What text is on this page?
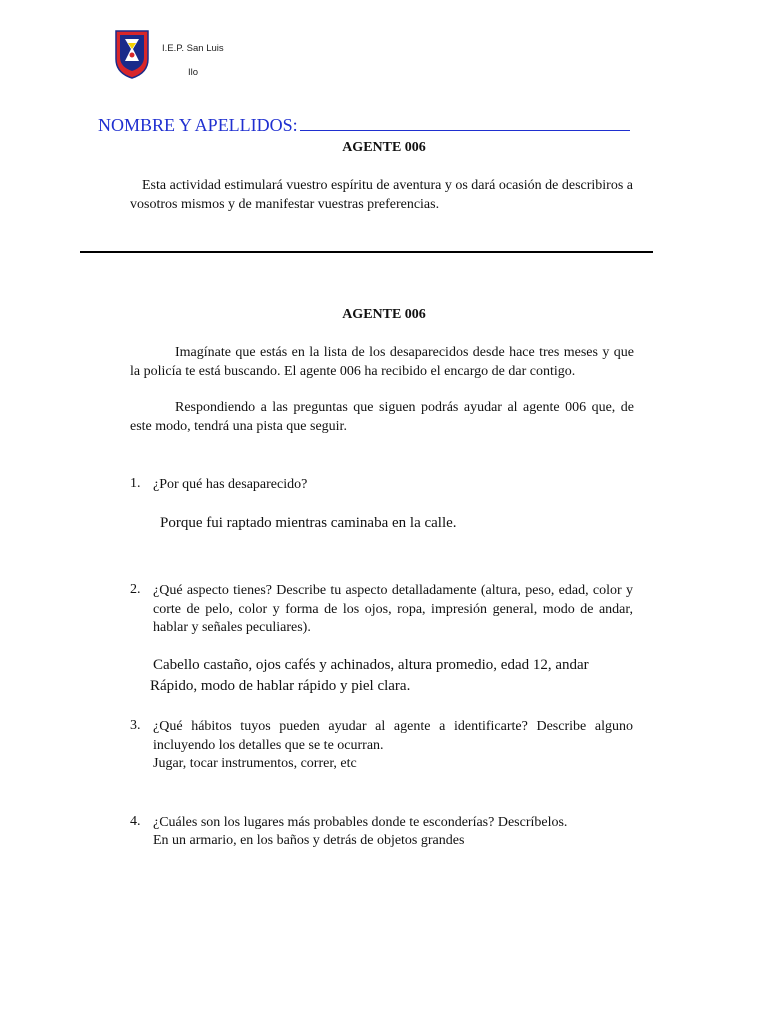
I.E.P. San Luis
Ilo
NOMBRE Y APELLIDOS:
AGENTE 006
Esta actividad estimulará vuestro espíritu de aventura y os dará ocasión de describiros a vosotros mismos y de manifestar vuestras preferencias.
AGENTE 006
Imagínate que estás en la lista de los desaparecidos desde hace tres meses y que la policía te está buscando. El agente 006 ha recibido el encargo de dar contigo.
Respondiendo a las preguntas que siguen podrás ayudar al agente 006 que, de este modo, tendrá una pista que seguir.
1. ¿Por qué has desaparecido?
Porque fui raptado mientras caminaba en la calle.
2. ¿Qué aspecto tienes? Describe tu aspecto detalladamente (altura, peso, edad, color y corte de pelo, color y forma de los ojos, ropa, impresión general, modo de andar, hablar y señales peculiares).
Cabello castaño, ojos cafés y achinados, altura promedio, edad 12, andar
Rápido, modo de hablar rápido y piel clara.
3. ¿Qué hábitos tuyos pueden ayudar al agente a identificarte? Describe alguno incluyendo los detalles que se te ocurran.
Jugar, tocar instrumentos, correr, etc
4. ¿Cuáles son los lugares más probables donde te esconderías? Descríbelos.
En un armario, en los baños y detrás de objetos grandes
